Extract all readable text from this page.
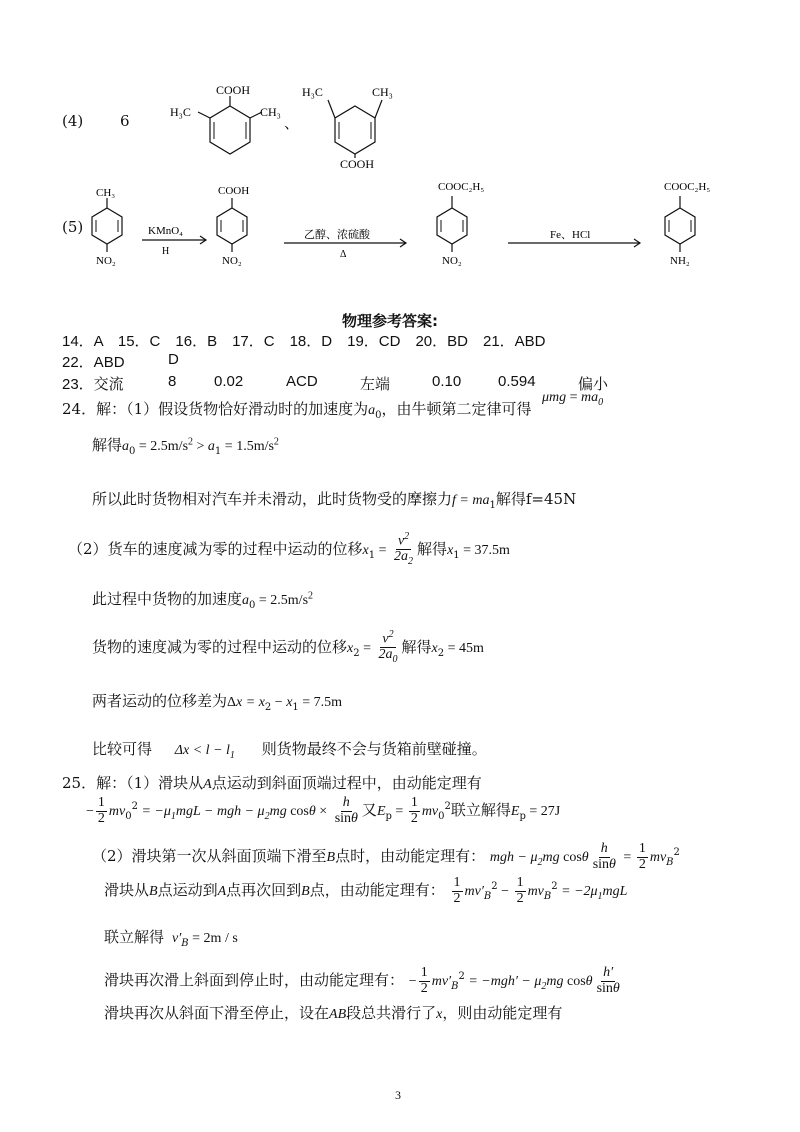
(4) 6
COOH
H₃C	CH₃
、
H₃C	CH₃
COOH
(5)
CH₃
NO₂
KMnO₄
H
COOH
NO₂
乙醇、浓硫酸
Δ
COOC₂H₅
NO₂
Fe、HCl
COOC₂H₅
NH₂
物理参考答案:
14．A　15．C　16．B　17．C　18．D　19．CD　20．BD　21．ABD
22．ABD	D
23．交流	8	0.02	ACD	左端	0.10 0.594	偏小
24．解：（1）假设货物恰好滑动时的加速度为$a_0$，由牛顿第二定律可得
$\mu mg = ma_0$
解得$a_0 = 2.5m/s^2 > a_1 = 1.5m/s^2$
所以此时货物相对汽车并未滑动，此时货物受的摩擦力$f = ma_1$解得f=45N
（2）货车的速度减为零的过程中运动的位移$x_1 = \frac{v^2}{2a_2}$ 解得$x_1 = 37.5m$
此过程中货物的加速度$a_0 = 2.5m/s^2$
货物的速度减为零的过程中运动的位移$x_2 = \frac{v^2}{2a_0}$ 解得$x_2 = 45m$
两者运动的位移差为$\Delta x = x_2 - x_1 = 7.5m$
比较可得 $\Delta x < l - l_1$ 则货物最终不会与货箱前壁碰撞。
25．解：（1）滑块从A点运动到斜面顶端过程中，由动能定理有
− $\frac{1}{2} mv_0^2 = -\mu_1mgL$ − mgh − $\mu_2mg$ $\cos\theta \times \frac{h}{\sin\theta}$ 又$E_p = \frac{1}{2} mv_0^2$联立解得$E_p = 27J$
（2）滑块第一次从斜面顶端下滑至B点时，由动能定理有： mgh − $\mu_2mg$ cosθ $\frac{h}{\sin\theta} = \frac{1}{2} mv_B^2$
滑块从B点运动到A点再次回到B点，由动能定理有： $\frac{1}{2} mv'_B^2 - \frac{1}{2} mv_B^2 = -2\mu_1mgL$
联立解得 $v'_B = 2m / s$
滑块再次滑上斜面到停止时，由动能定理有： − $\frac{1}{2} mv'_B^2 = -mgh' - \mu_2mg$ cosθ $\frac{h'}{\sin\theta}$
滑块再次从斜面下滑至停止，设在AB段总共滑行了x，则由动能定理有
3
